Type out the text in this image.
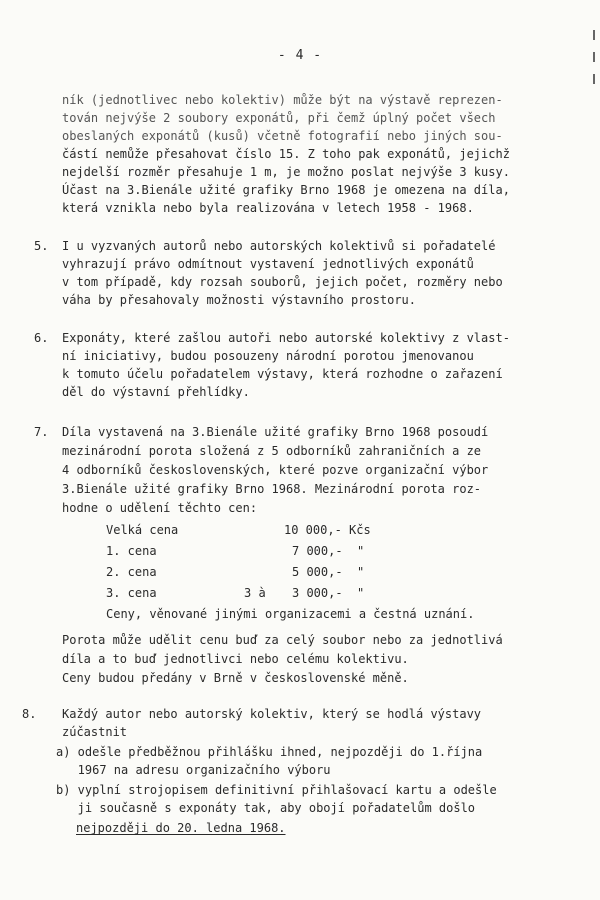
- 4 -
ník (jednotlivec nebo kolektiv) může být na výstavě reprezen-
tován nejvýše 2 soubory exponátů, při čemž úplný počet všech
obeslaných exponátů (kusů) včetně fotografií nebo jiných sou-
částí nemůže přesahovat číslo 15. Z toho pak exponátů, jejichž
nejdelší rozměr přesahuje 1 m, je možno poslat nejvýše 3 kusy.
Účast na 3.Bienále užité grafiky Brno 1968 je omezena na díla,
která vznikla nebo byla realizována v letech 1958 - 1968.
5. I u vyzvaných autorů nebo autorských kolektivů si pořadatelé
vyhrazují právo odmítnout vystavení jednotlivých exponátů
v tom případě, kdy rozsah souborů, jejich počet, rozměry nebo
váha by přesahovaly možnosti výstavního prostoru.
6. Exponáty, které zašlou autoři nebo autorské kolektivy z vlast-
ní iniciativy, budou posouzeny národní porotou jmenovanou
k tomuto účelu pořadatelem výstavy, která rozhodne o zařazení
děl do výstavní přehlídky.
7. Díla vystavená na 3.Bienále užité grafiky Brno 1968 posoudí
mezinárodní porota složená z 5 odborníků zahraničních a ze
4 odborníků československých, které pozve organizační výbor
3.Bienále užité grafiky Brno 1968. Mezinárodní porota roz-
hodne o udělení těchto cen:
Velká cena	10 000,- Kčs
1. cena	7 000,-  "
2. cena	5 000,-  "
3. cena	3 à 3 000,-  "
Ceny, věnované jinými organizacemi a čestná uznání.
Porota může udělit cenu buď za celý soubor nebo za jednotlivá
díla a to buď jednotlivci nebo celému kolektivu.
Ceny budou předány v Brně v československé měně.
8. Každý autor nebo autorský kolektiv, který se hodlá výstavy
zúčastnit
a) odešle předběžnou přihlášku ihned, nejpozději do 1.října
1967 na adresu organizačního výboru
b) vyplní strojopisem definitivní přihlašovací kartu a odešle
ji současně s exponáty tak, aby obojí pořadatelům došlo
nejpozději do 20. ledna 1968.
